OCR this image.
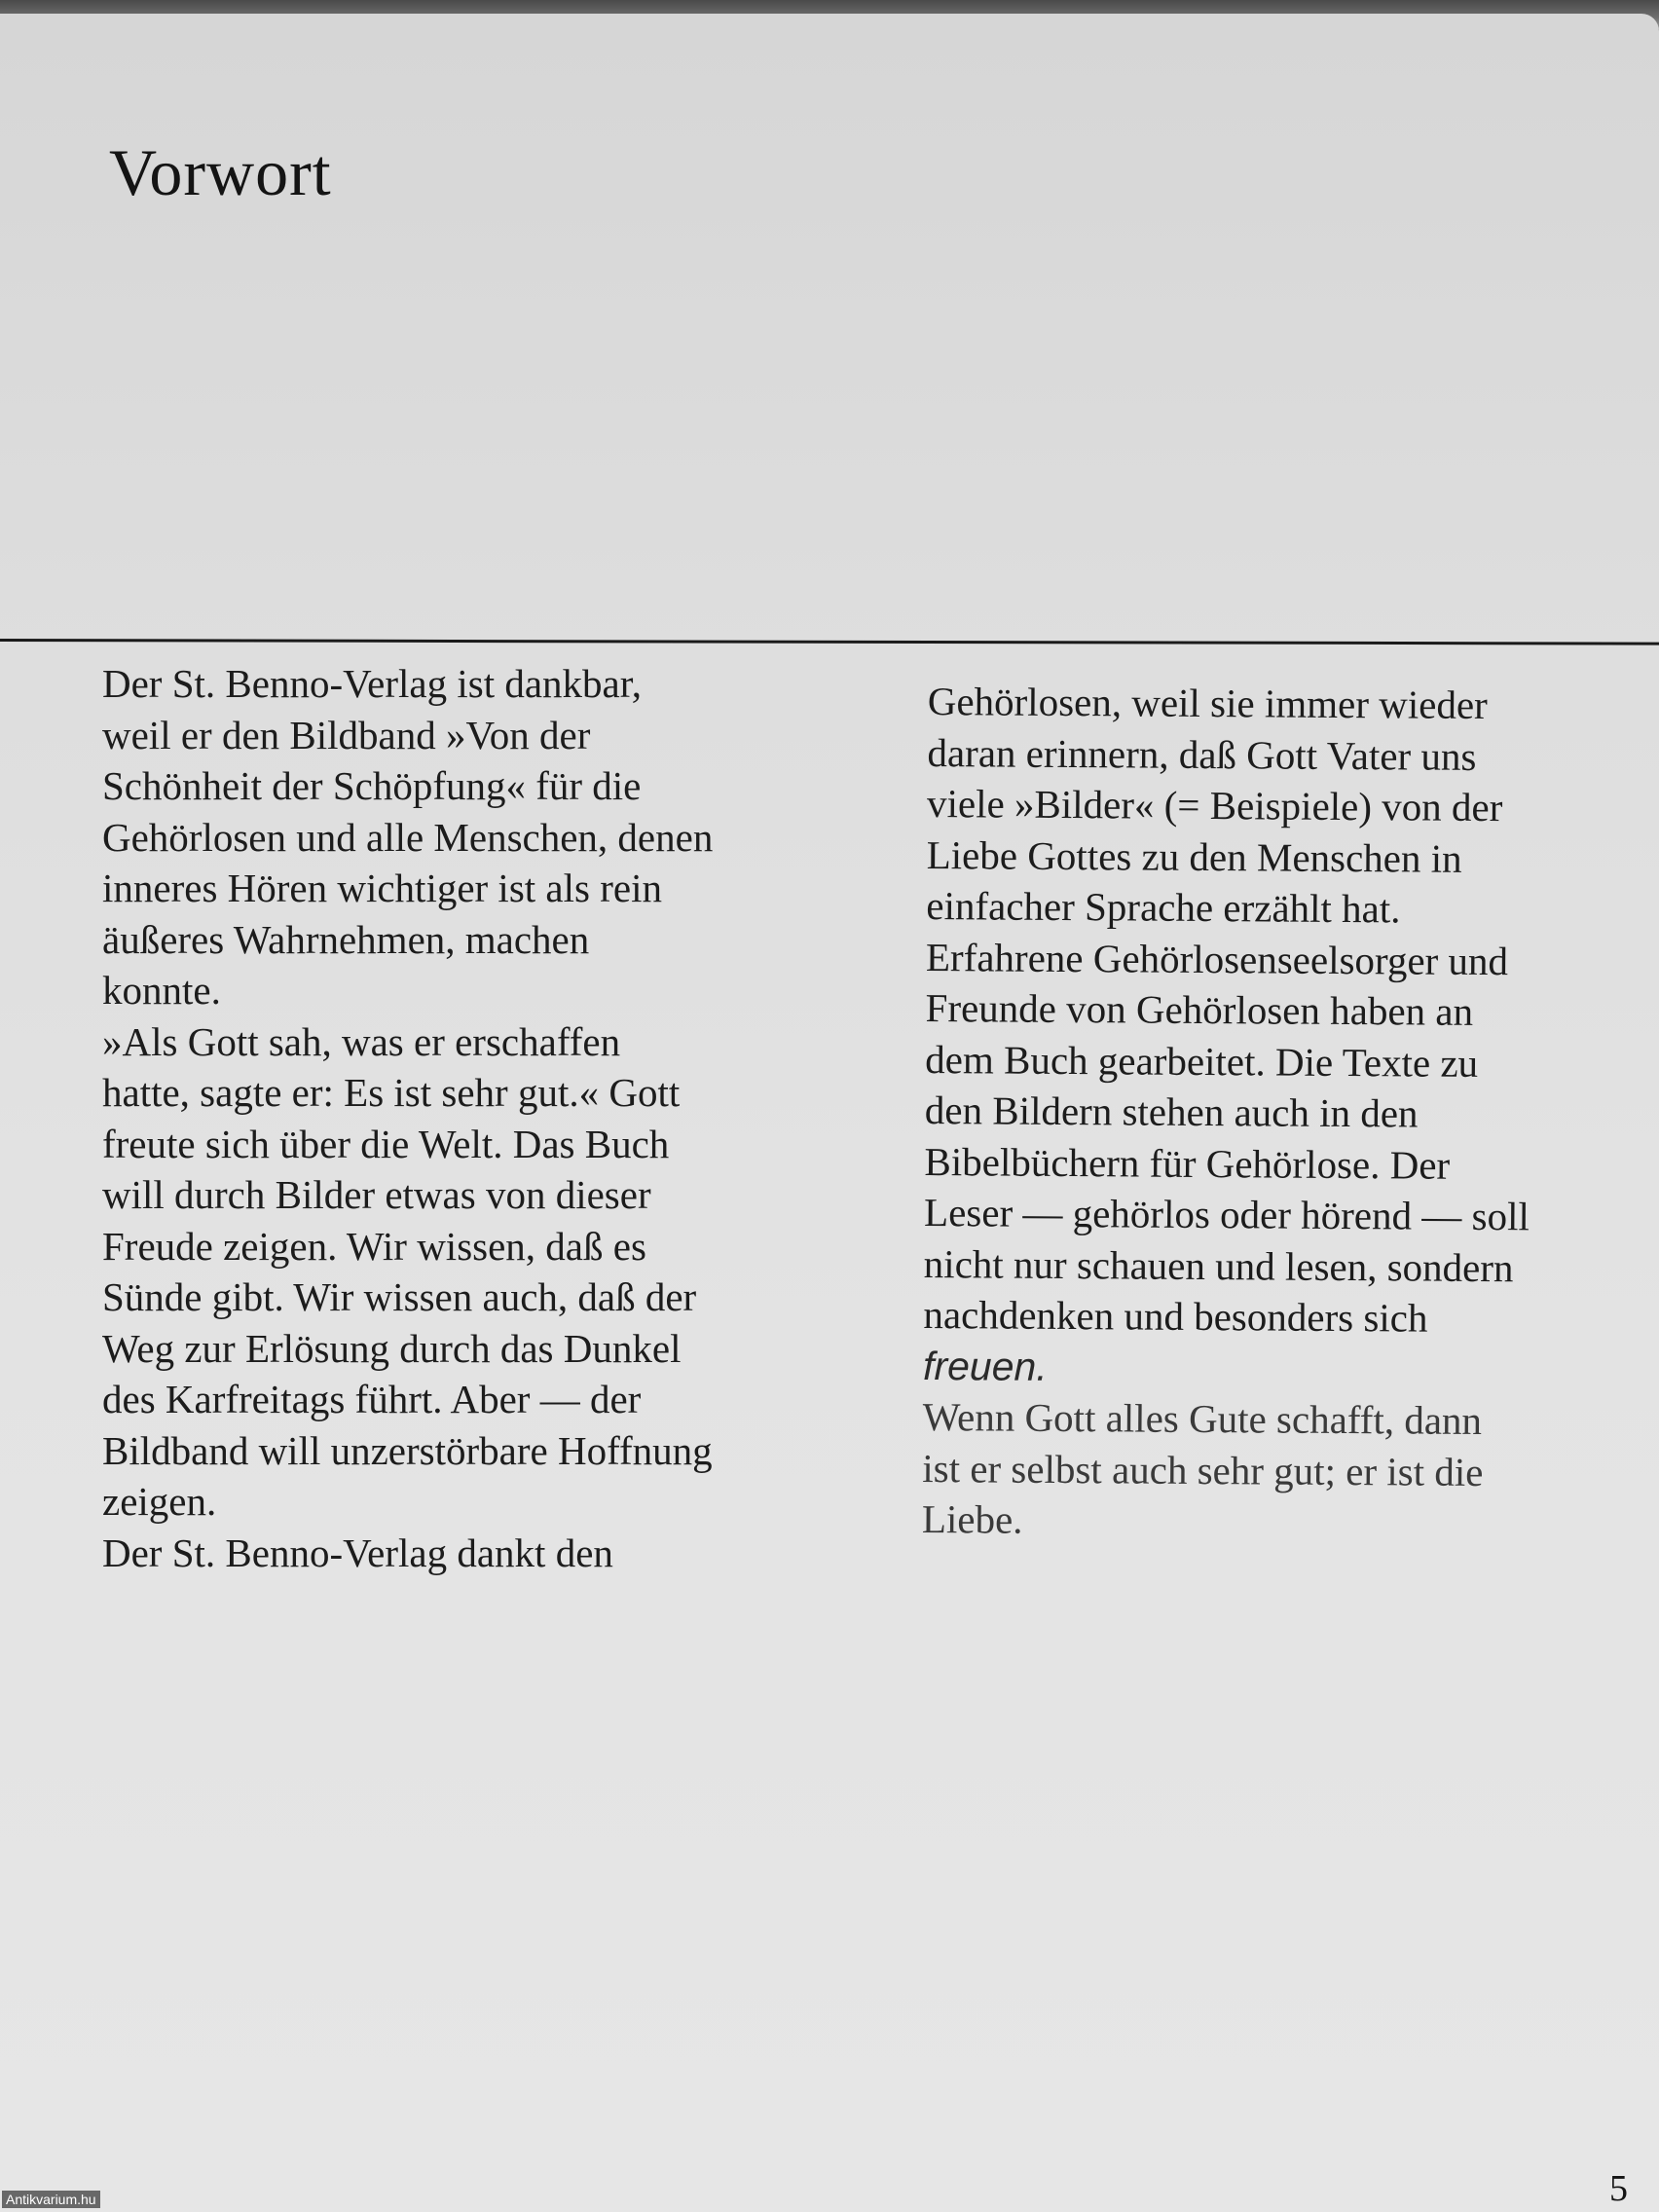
Vorwort
Der St. Benno-Verlag ist dankbar,
weil er den Bildband »Von der
Schönheit der Schöpfung« für die
Gehörlosen und alle Menschen, denen
inneres Hören wichtiger ist als rein
äußeres Wahrnehmen, machen
konnte.
»Als Gott sah, was er erschaffen
hatte, sagte er: Es ist sehr gut.« Gott
freute sich über die Welt. Das Buch
will durch Bilder etwas von dieser
Freude zeigen. Wir wissen, daß es
Sünde gibt. Wir wissen auch, daß der
Weg zur Erlösung durch das Dunkel
des Karfreitags führt. Aber — der
Bildband will unzerstörbare Hoffnung
zeigen.
Der St. Benno-Verlag dankt den
Gehörlosen, weil sie immer wieder
daran erinnern, daß Gott Vater uns
viele »Bilder« (= Beispiele) von der
Liebe Gottes zu den Menschen in
einfacher Sprache erzählt hat.
Erfahrene Gehörlosenseelsorger und
Freunde von Gehörlosen haben an
dem Buch gearbeitet. Die Texte zu
den Bildern stehen auch in den
Bibelbüchern für Gehörlose. Der
Leser — gehörlos oder hörend — soll
nicht nur schauen und lesen, sondern
nachdenken und besonders sich
freuen.
Wenn Gott alles Gute schafft, dann
ist er selbst auch sehr gut; er ist die
Liebe.
5
Antikvarium.hu
